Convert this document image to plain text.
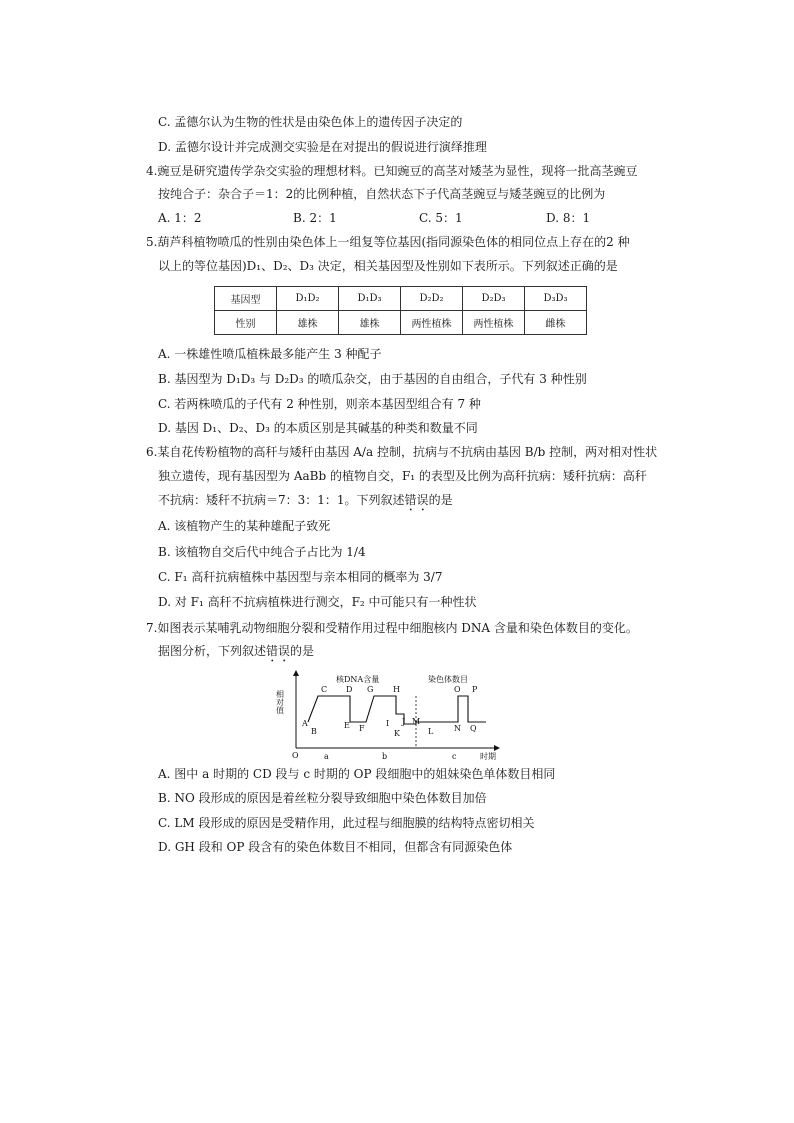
C. 孟德尔认为生物的性状是由染色体上的遗传因子决定的
D. 孟德尔设计并完成测交实验是在对提出的假说进行演绎推理
4.豌豆是研究遗传学杂交实验的理想材料。已知豌豆的高茎对矮茎为显性，现将一批高茎豌豆
按纯合子：杂合子＝1：2的比例种植，自然状态下子代高茎豌豆与矮茎豌豆的比例为
A. 1：2	B. 2：1	C. 5：1	D. 8：1
5.葫芦科植物喷瓜的性别由染色体上一组复等位基因(指同源染色体的相同位点上存在的2 种
以上的等位基因)D₁、D₂、D₃ 决定，相关基因型及性别如下表所示。下列叙述正确的是
基因型	D₁D₂	D₁D₃	D₂D₂	D₂D₃	D₃D₃
性别	雄株	雄株	两性植株	两性植株	雌株
A. 一株雄性喷瓜植株最多能产生 3 种配子
B. 基因型为 D₁D₃ 与 D₂D₃ 的喷瓜杂交，由于基因的自由组合，子代有 3 种性别
C. 若两株喷瓜的子代有 2 种性别，则亲本基因型组合有 7 种
D. 基因 D₁、D₂、D₃ 的本质区别是其碱基的种类和数量不同
6.某自花传粉植物的高秆与矮秆由基因 A/a 控制，抗病与不抗病由基因 B/b 控制，两对相对性状
独立遗传，现有基因型为 AaBb 的植物自交，F₁ 的表型及比例为高秆抗病：矮秆抗病：高秆
不抗病：矮秆不抗病＝7：3：1：1。下列叙述错误的是
A. 该植物产生的某种雄配子致死
B. 该植物自交后代中纯合子占比为 1/4
C. F₁ 高秆抗病植株中基因型与亲本相同的概率为 3/7
D. 对 F₁ 高秆不抗病植株进行测交，F₂ 中可能只有一种性状
7.如图表示某哺乳动物细胞分裂和受精作用过程中细胞核内 DNA 含量和染色体数目的变化。
据图分析，下列叙述错误的是
相对值
O	时期
核DNA含量	染色体数目
A
B
C D
E F
G H
I J
K	L
M
N
O P
Q
a	b	c
A. 图中 a 时期的 CD 段与 c 时期的 OP 段细胞中的姐妹染色单体数目相同
B. NO 段形成的原因是着丝粒分裂导致细胞中染色体数目加倍
C. LM 段形成的原因是受精作用，此过程与细胞膜的结构特点密切相关
D. GH 段和 OP 段含有的染色体数目不相同，但都含有同源染色体
